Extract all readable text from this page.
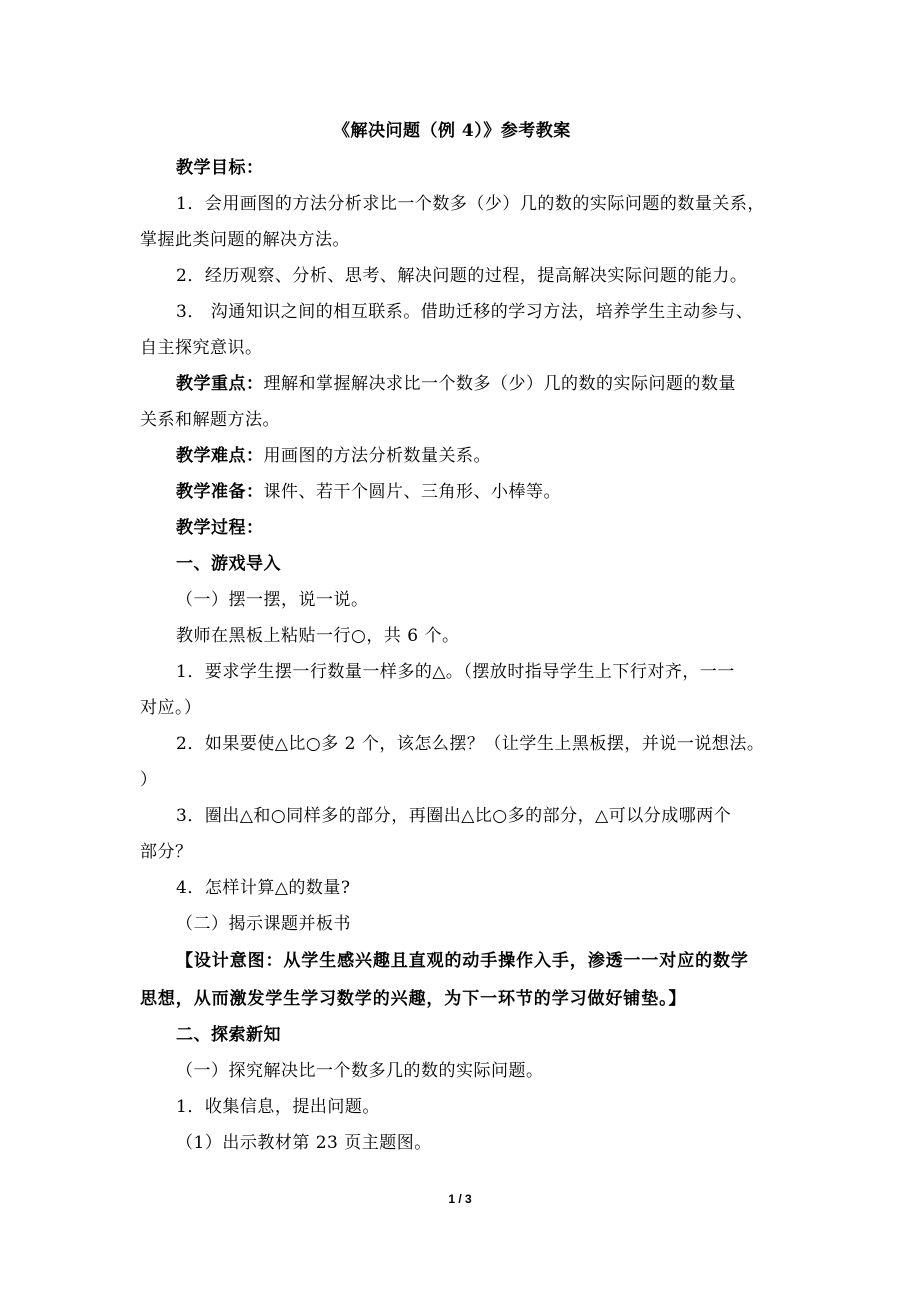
《解决问题（例 4）》参考教案
教学目标：
1．会用画图的方法分析求比一个数多（少）几的数的实际问题的数量关系，
掌握此类问题的解决方法。
2．经历观察、分析、思考、解决问题的过程，提高解决实际问题的能力。
3． 沟通知识之间的相互联系。借助迁移的学习方法，培养学生主动参与、
自主探究意识。
教学重点：理解和掌握解决求比一个数多（少）几的数的实际问题的数量
关系和解题方法。
教学难点：用画图的方法分析数量关系。
教学准备：课件、若干个圆片、三角形、小棒等。
教学过程：
一、游戏导入
（一）摆一摆，说一说。
教师在黑板上粘贴一行○，共 6 个。
1．要求学生摆一行数量一样多的△。（摆放时指导学生上下行对齐，一一
对应。）
2．如果要使△比○多 2 个，该怎么摆？（让学生上黑板摆，并说一说想法。
）
3．圈出△和○同样多的部分，再圈出△比○多的部分，△可以分成哪两个
部分？
4．怎样计算△的数量?
（二）揭示课题并板书
【设计意图：从学生感兴趣且直观的动手操作入手，渗透一一对应的数学
思想，从而激发学生学习数学的兴趣，为下一环节的学习做好铺垫。】
二、探索新知
（一）探究解决比一个数多几的数的实际问题。
1．收集信息，提出问题。
（1）出示教材第 23 页主题图。
1 / 3
